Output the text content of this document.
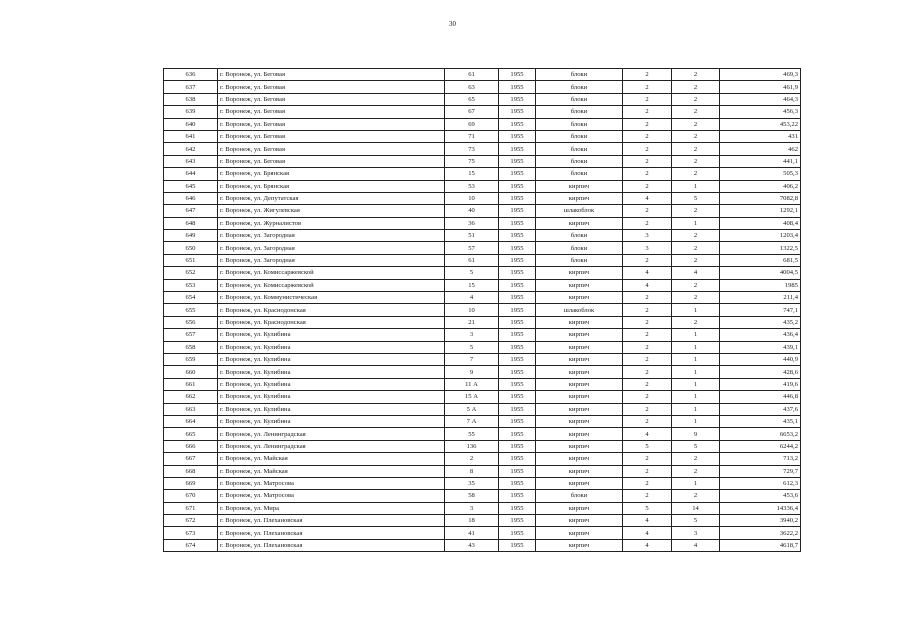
30
636	г. Воронеж, ул. Беговая	61	1955	блоки	2	2	469,3
637	г. Воронеж, ул. Беговая	63	1955	блоки	2	2	461,9
638	г. Воронеж, ул. Беговая	65	1955	блоки	2	2	464,3
639	г. Воронеж, ул. Беговая	67	1955	блоки	2	2	456,3
640	г. Воронеж, ул. Беговая	69	1955	блоки	2	2	453,22
641	г. Воронеж, ул. Беговая	71	1955	блоки	2	2	431
642	г. Воронеж, ул. Беговая	73	1955	блоки	2	2	462
643	г. Воронеж, ул. Беговая	75	1955	блоки	2	2	441,1
644	г. Воронеж, ул. Брянская	15	1955	блоки	2	2	505,3
645	г. Воронеж, ул. Брянская	53	1955	кирпич	2	1	406,2
646	г. Воронеж, ул. Депутатская	10	1955	кирпич	4	5	7082,8
647	г. Воронеж, ул. Жигулевская	40	1955	шлакоблок	2	2	1292,1
648	г. Воронеж, ул. Журналистов	36	1955	кирпич	2	1	408,4
649	г. Воронеж, ул. Загородная	51	1955	блоки	3	2	1203,4
650	г. Воронеж, ул. Загородная	57	1955	блоки	3	2	1322,5
651	г. Воронеж, ул. Загородная	61	1955	блоки	2	2	681,5
652	г. Воронеж, ул. Комиссаржевской	5	1955	кирпич	4	4	4004,5
653	г. Воронеж, ул. Комиссаржевской	15	1955	кирпич	4	2	1985
654	г. Воронеж, ул. Коммунистическая	4	1955	кирпич	2	2	211,4
655	г. Воронеж, ул. Краснодонская	10	1955	шлакоблок	2	1	747,1
656	г. Воронеж, ул. Краснодонская	21	1955	кирпич	2	2	435,2
657	г. Воронеж, ул. Кулибина	3	1955	кирпич	2	1	436,4
658	г. Воронеж, ул. Кулибина	5	1955	кирпич	2	1	439,1
659	г. Воронеж, ул. Кулибина	7	1955	кирпич	2	1	440,9
660	г. Воронеж, ул. Кулибина	9	1955	кирпич	2	1	428,6
661	г. Воронеж, ул. Кулибина	11 А	1955	кирпич	2	1	419,6
662	г. Воронеж, ул. Кулибина	15 А	1955	кирпич	2	1	446,8
663	г. Воронеж, ул. Кулибина	5 А	1955	кирпич	2	1	437,6
664	г. Воронеж, ул. Кулибина	7 А	1955	кирпич	2	1	435,1
665	г. Воронеж, ул. Ленинградская	55	1955	кирпич	4	9	6653,2
666	г. Воронеж, ул. Ленинградская	136	1955	кирпич	5	5	6244,2
667	г. Воронеж, ул. Майская	2	1955	кирпич	2	2	713,2
668	г. Воронеж, ул. Майская	8	1955	кирпич	2	2	729,7
669	г. Воронеж, ул. Матросова	35	1955	кирпич	2	1	612,3
670	г. Воронеж, ул. Матросова	58	1955	блоки	2	2	453,6
671	г. Воронеж, ул. Мира	3	1955	кирпич	5	14	14336,4
672	г. Воронеж, ул. Плехановская	18	1955	кирпич	4	5	3940,2
673	г. Воронеж, ул. Плехановская	41	1955	кирпич	4	3	3622,2
674	г. Воронеж, ул. Плехановская	43	1955	кирпич	4	4	4618,7
